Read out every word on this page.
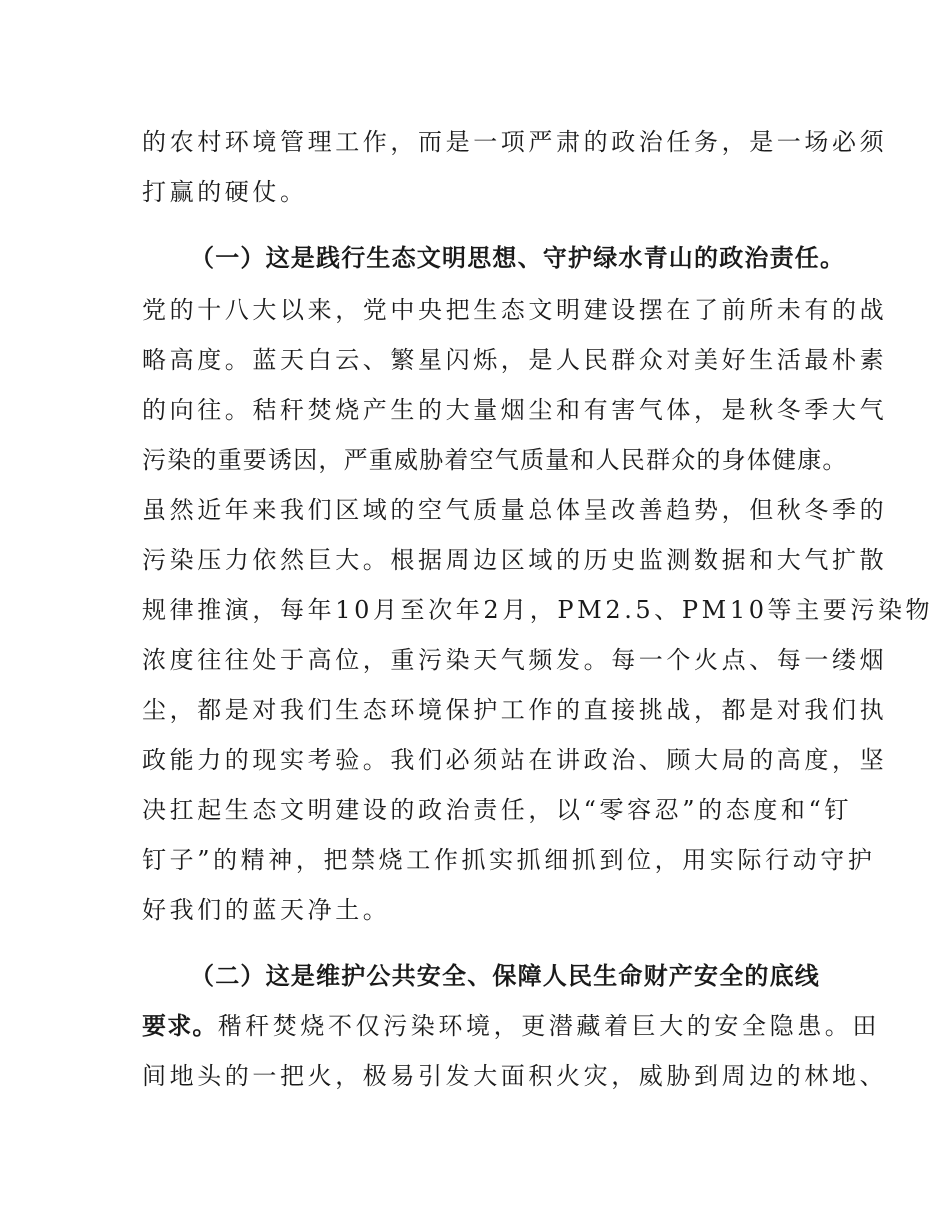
的农村环境管理工作，而是一项严肃的政治任务，是一场必须
打赢的硬仗。
（一）这是践行生态文明思想、守护绿水青山的政治责任。
党的十八大以来，党中央把生态文明建设摆在了前所未有的战
略高度。蓝天白云、繁星闪烁，是人民群众对美好生活最朴素
的向往。秸秆焚烧产生的大量烟尘和有害气体，是秋冬季大气
污染的重要诱因，严重威胁着空气质量和人民群众的身体健康。
虽然近年来我们区域的空气质量总体呈改善趋势，但秋冬季的
污染压力依然巨大。根据周边区域的历史监测数据和大气扩散
规律推演，每年10月至次年2月，PM2.5、PM10等主要污染物
浓度往往处于高位，重污染天气频发。每一个火点、每一缕烟
尘，都是对我们生态环境保护工作的直接挑战，都是对我们执
政能力的现实考验。我们必须站在讲政治、顾大局的高度，坚
决扛起生态文明建设的政治责任，以“零容忍”的态度和“钉
钉子”的精神，把禁烧工作抓实抓细抓到位，用实际行动守护
好我们的蓝天净土。
（二）这是维护公共安全、保障人民生命财产安全的底线
要求。稭秆焚烧不仅污染环境，更潜藏着巨大的安全隐患。田
间地头的一把火，极易引发大面积火灾，威胁到周边的林地、
